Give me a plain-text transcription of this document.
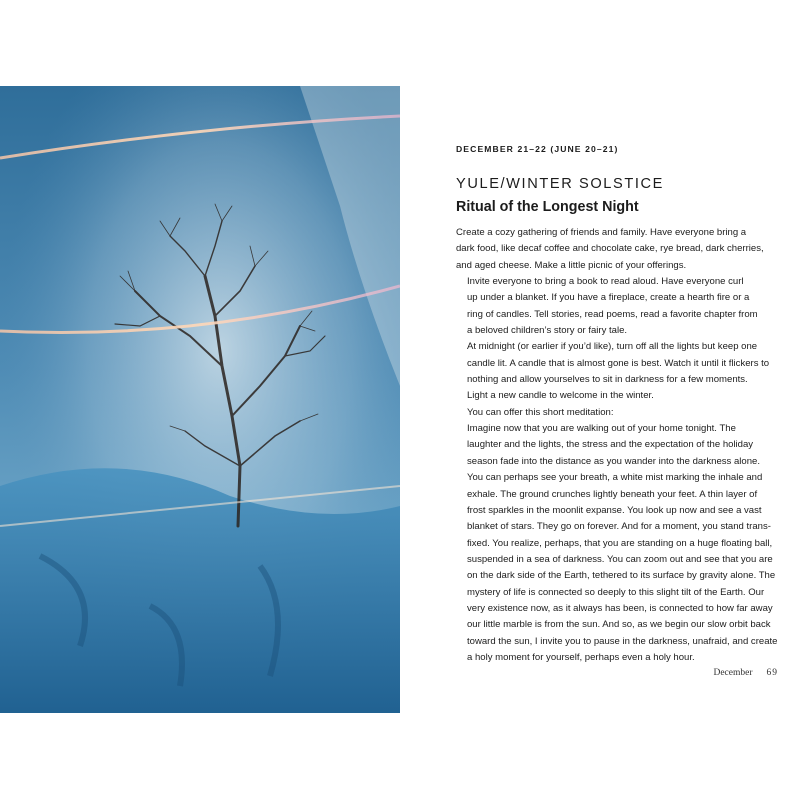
DECEMBER 21–22 (JUNE 20–21)

YULE/WINTER SOLSTICE
Ritual of the Longest Night

Create a cozy gathering of friends and family. Have everyone bring a
dark food, like decaf coffee and chocolate cake, rye bread, dark cherries,
and aged cheese. Make a little picnic of your offerings.

Invite everyone to bring a book to read aloud. Have everyone curl
up under a blanket. If you have a fireplace, create a hearth fire or a
ring of candles. Tell stories, read poems, read a favorite chapter from
a beloved children’s story or fairy tale.

At midnight (or earlier if you’d like), turn off all the lights but keep one
candle lit. A candle that is almost gone is best. Watch it until it flickers to
nothing and allow yourselves to sit in darkness for a few moments.

Light a new candle to welcome in the winter.

You can offer this short meditation:

Imagine now that you are walking out of your home tonight. The
laughter and the lights, the stress and the expectation of the holiday
season fade into the distance as you wander into the darkness alone.
You can perhaps see your breath, a white mist marking the inhale and
exhale. The ground crunches lightly beneath your feet. A thin layer of
frost sparkles in the moonlit expanse. You look up now and see a vast
blanket of stars. They go on forever. And for a moment, you stand trans-
fixed. You realize, perhaps, that you are standing on a huge floating ball,
suspended in a sea of darkness. You can zoom out and see that you are
on the dark side of the Earth, tethered to its surface by gravity alone. The
mystery of life is connected so deeply to this slight tilt of the Earth. Our
very existence now, as it always has been, is connected to how far away
our little marble is from the sun. And so, as we begin our slow orbit back
toward the sun, I invite you to pause in the darkness, unafraid, and create
a holy moment for yourself, perhaps even a holy hour.

December 69
